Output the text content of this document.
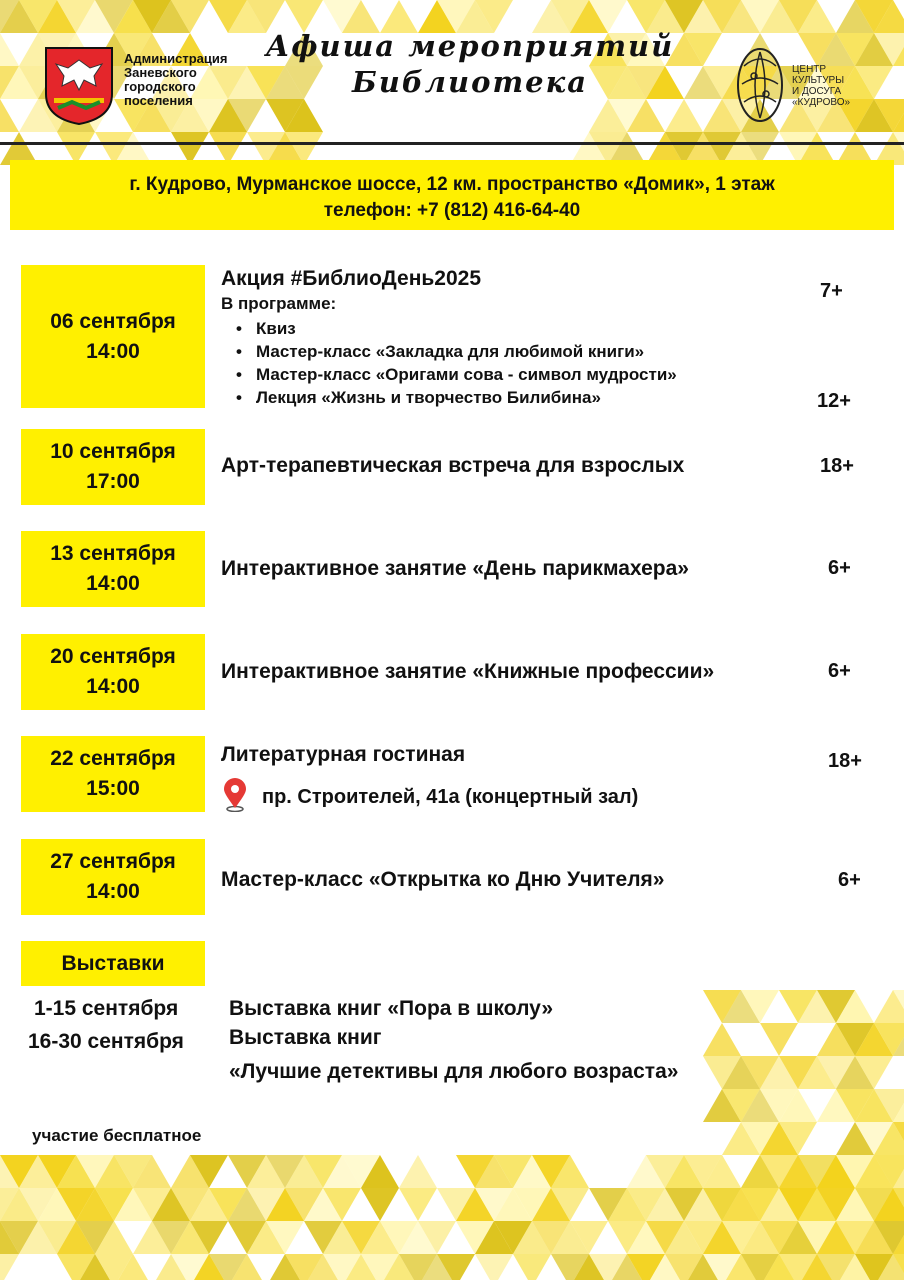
Администрация
Заневского
городского
поселения
Афиша мероприятий
Библиотека	ЦЕНТР
КУЛЬТУРЫ
И ДОСУГА
«КУДРОВО»
г. Кудрово, Мурманское шоссе, 12 км. пространство «Домик», 1 этаж
телефон: +7 (812) 416-64-40
06 сентября
14:00
Акция #БиблиоДень2025
7+
В программе:
• Квиз
• Мастер-класс «Закладка для любимой книги»
• Мастер-класс «Оригами сова - символ мудрости»
• Лекция «Жизнь и творчество Билибина»	12+
10 сентября
17:00
Арт-терапевтическая встреча для взрослых	18+
13 сентября
14:00
Интерактивное занятие «День парикмахера»	6+
20 сентября
14:00
Интерактивное занятие «Книжные профессии»	6+
22 сентября
15:00
Литературная гостиная	18+
пр. Строителей, 41а (концертный зал)
27 сентября
14:00
Мастер-класс «Открытка ко Дню Учителя»	6+
Выставки
1-15 сентября Выставка книг «Пора в школу»
16-30 сентября Выставка книг
«Лучшие детективы для любого возраста»
участие бесплатное
